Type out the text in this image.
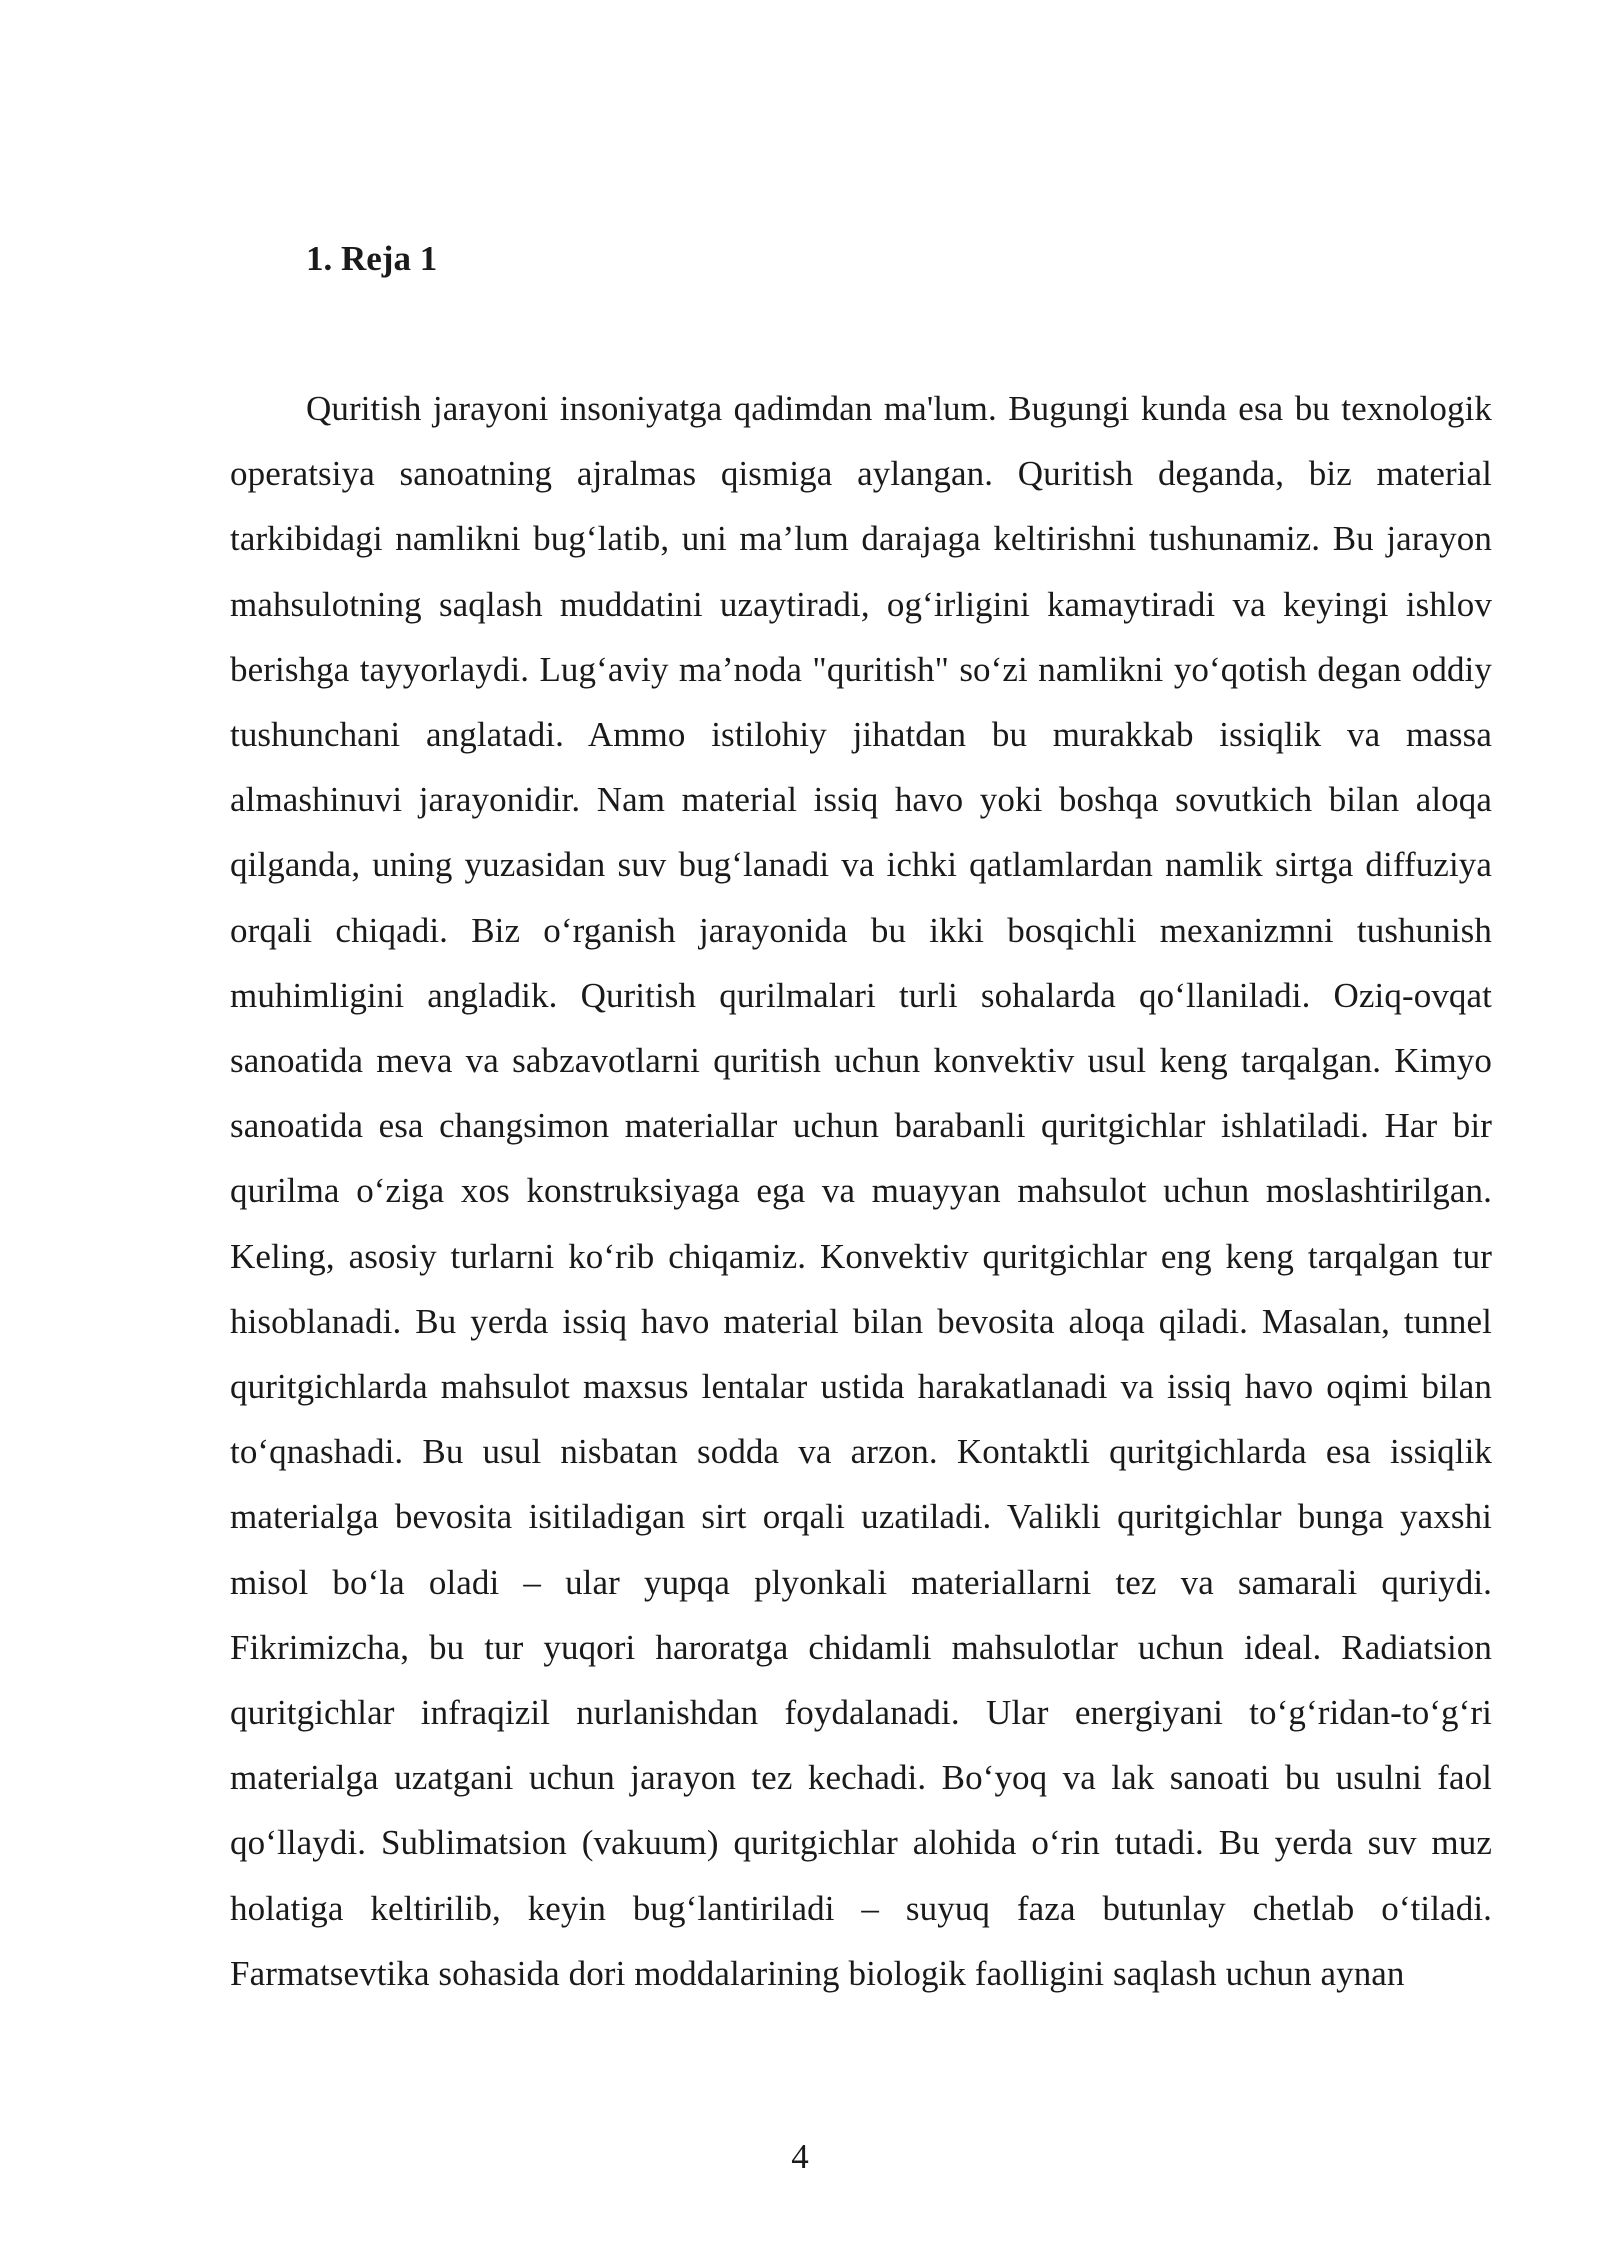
1. Reja 1

Quritish jarayoni insoniyatga qadimdan ma'lum. Bugungi kunda esa bu texnologik operatsiya sanoatning ajralmas qismiga aylangan. Quritish deganda, biz material tarkibidagi namlikni bug‘latib, uni ma’lum darajaga keltirishni tushunamiz. Bu jarayon mahsulotning saqlash muddatini uzaytiradi, og‘irligini kamaytiradi va keyingi ishlov berishga tayyorlaydi. Lug‘aviy ma’noda "quritish" so‘zi namlikni yo‘qotish degan oddiy tushunchani anglatadi. Ammo istilohiy jihatdan bu murakkab issiqlik va massa almashinuvi jarayonidir. Nam material issiq havo yoki boshqa sovutkich bilan aloqa qilganda, uning yuzasidan suv bug‘lanadi va ichki qatlamlardan namlik sirtga diffuziya orqali chiqadi. Biz o‘rganish jarayonida bu ikki bosqichli mexanizmni tushunish muhimligini angladik. Quritish qurilmalari turli sohalarda qo‘llaniladi. Oziq-ovqat sanoatida meva va sabzavotlarni quritish uchun konvektiv usul keng tarqalgan. Kimyo sanoatida esa changsimon materiallar uchun barabanli quritgichlar ishlatiladi. Har bir qurilma o‘ziga xos konstruksiyaga ega va muayyan mahsulot uchun moslashtirilgan. Keling, asosiy turlarni ko‘rib chiqamiz. Konvektiv quritgichlar eng keng tarqalgan tur hisoblanadi. Bu yerda issiq havo material bilan bevosita aloqa qiladi. Masalan, tunnel quritgichlarda mahsulot maxsus lentalar ustida harakatlanadi va issiq havo oqimi bilan to‘qnashadi. Bu usul nisbatan sodda va arzon. Kontaktli quritgichlarda esa issiqlik materialga bevosita isitiladigan sirt orqali uzatiladi. Valikli quritgichlar bunga yaxshi misol bo‘la oladi – ular yupqa plyonkali materiallarni tez va samarali quriydi. Fikrimizcha, bu tur yuqori haroratga chidamli mahsulotlar uchun ideal. Radiatsion quritgichlar infraqizil nurlanishdan foydalanadi. Ular energiyani to‘g‘ridan-to‘g‘ri materialga uzatgani uchun jarayon tez kechadi. Bo‘yoq va lak sanoati bu usulni faol qo‘llaydi. Sublimatsion (vakuum) quritgichlar alohida o‘rin tutadi. Bu yerda suv muz holatiga keltirilib, keyin bug‘lantiriladi – suyuq faza butunlay chetlab o‘tiladi. Farmatsevtika sohasida dori moddalarining biologik faolligini saqlash uchun aynan

4
